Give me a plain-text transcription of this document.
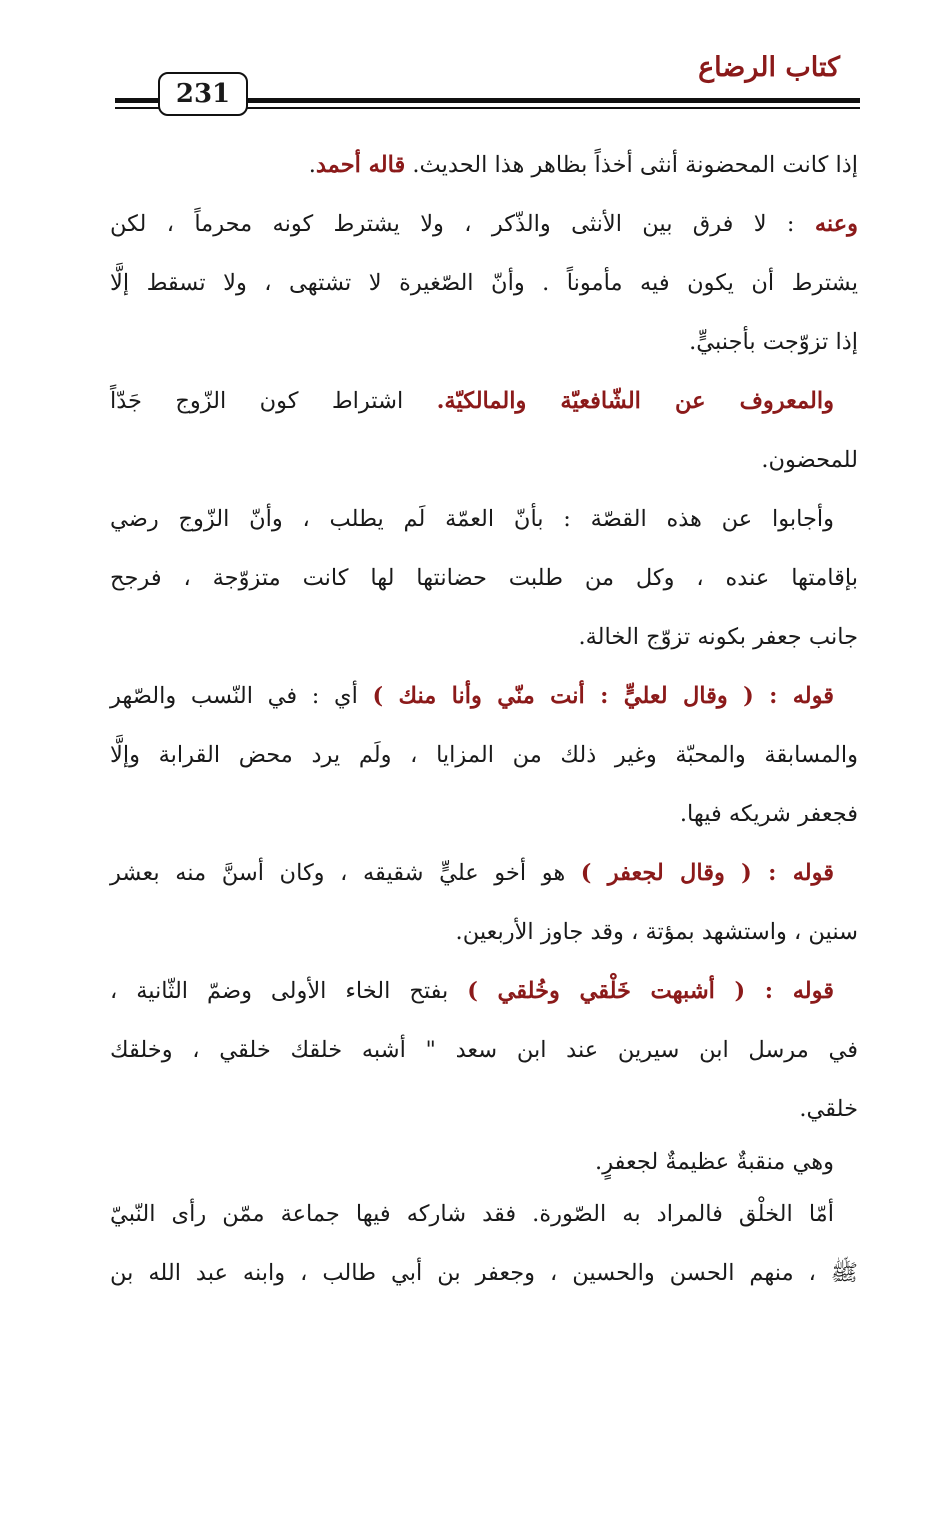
كتاب الرضاع
231
إذا كانت المحضونة أنثى أخذاً بظاهر هذا الحديث. قاله أحمد.
وعنه : لا فرق بين الأنثى والذّكر ، ولا يشترط كونه محرماً ، لكن
يشترط أن يكون فيه مأموناً . وأنّ الصّغيرة لا تشتهى ، ولا تسقط إلَّا
إذا تزوّجت بأجنبيٍّ.
والمعروف عن الشّافعيّة والمالكيّة. اشتراط كون الزّوج جَدّاً
للمحضون.
وأجابوا عن هذه القصّة : بأنّ العمّة لَم يطلب ، وأنّ الزّوج رضي
بإقامتها عنده ، وكل من طلبت حضانتها لها كانت متزوّجة ، فرجح
جانب جعفر بكونه تزوّج الخالة.
قوله : ( وقال لعليٍّ : أنت منّي وأنا منك ) أي : في النّسب والصّهر
والمسابقة والمحبّة وغير ذلك من المزايا ، ولَم يرد محض القرابة وإلَّا
فجعفر شريكه فيها.
قوله : ( وقال لجعفر ) هو أخو عليٍّ شقيقه ، وكان أسنَّ منه بعشر
سنين ، واستشهد بمؤتة ، وقد جاوز الأربعين.
قوله : ( أشبهت خَلْقي وخُلقي ) بفتح الخاء الأولى وضمّ الثّانية ،
في مرسل ابن سيرين عند ابن سعد " أشبه خلقك خلقي ، وخلقك
خلقي.
وهي منقبةٌ عظيمةٌ لجعفرٍ.
أمّا الخلْق فالمراد به الصّورة. فقد شاركه فيها جماعة ممّن رأى النّبيّ
ﷺ ، منهم الحسن والحسين ، وجعفر بن أبي طالب ، وابنه عبد الله بن
